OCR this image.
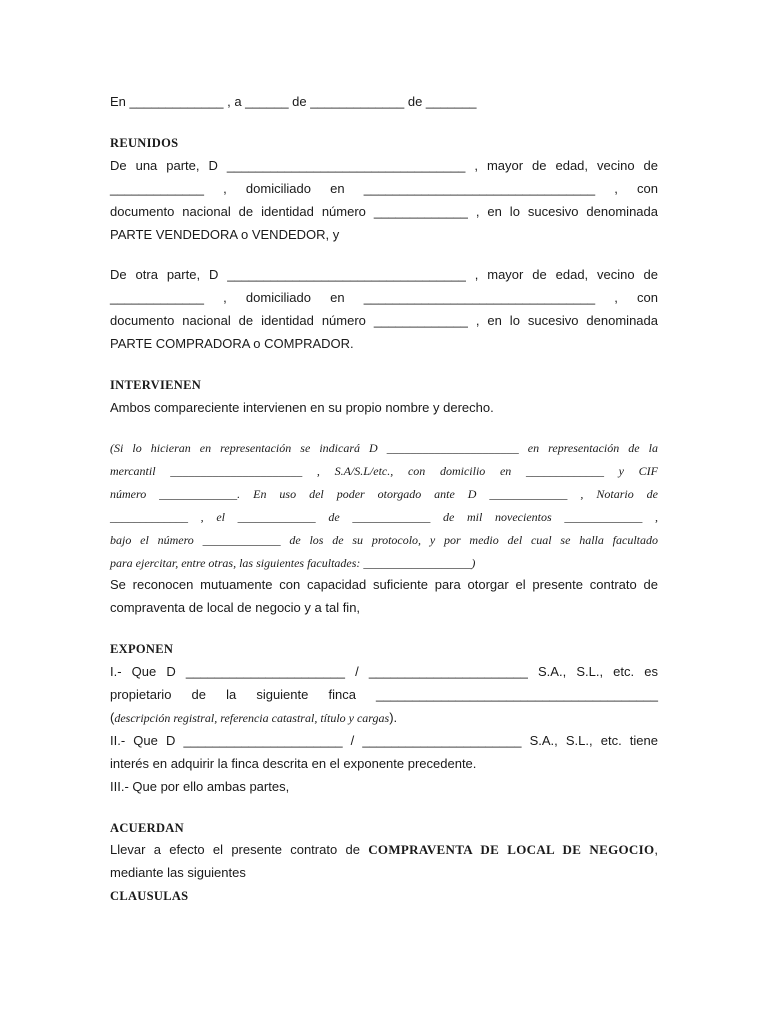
En _____________ , a ______ de _____________ de _______
REUNIDOS
De una parte, D _________________________________ , mayor de edad, vecino de
_____________ , domiciliado en ________________________________ , con
documento nacional de identidad número _____________ , en lo sucesivo denominada
PARTE VENDEDORA o VENDEDOR, y
De otra parte, D _________________________________ , mayor de edad, vecino de
_____________ , domiciliado en ________________________________ , con
documento nacional de identidad número _____________ , en lo sucesivo denominada
PARTE COMPRADORA o COMPRADOR.
INTERVIENEN
Ambos compareciente intervienen en su propio nombre y derecho.
(Si lo hicieran en representación se indicará D ______________________ en representación de la
mercantil ______________________ , S.A/S.L/etc., con domicilio en _____________ y CIF
número _____________. En uso del poder otorgado ante D _____________ , Notario de
_____________ , el _____________ de _____________ de mil novecientos _____________ ,
bajo el número _____________ de los de su protocolo, y por medio del cual se halla facultado
para ejercitar, entre otras, las siguientes facultades: __________________)
Se reconocen mutuamente con capacidad suficiente para otorgar el presente contrato de
compraventa de local de negocio y a tal fin,
EXPONEN
I.- Que D ______________________ / ______________________ S.A., S.L., etc. es
propietario de la siguiente finca _______________________________________
(descripción registral, referencia catastral, título y cargas).
II.- Que D ______________________ / ______________________ S.A., S.L., etc. tiene
interés en adquirir la finca descrita en el exponente precedente.
III.- Que por ello ambas partes,
ACUERDAN
Llevar a efecto el presente contrato de COMPRAVENTA DE LOCAL DE NEGOCIO,
mediante las siguientes
CLAUSULAS
